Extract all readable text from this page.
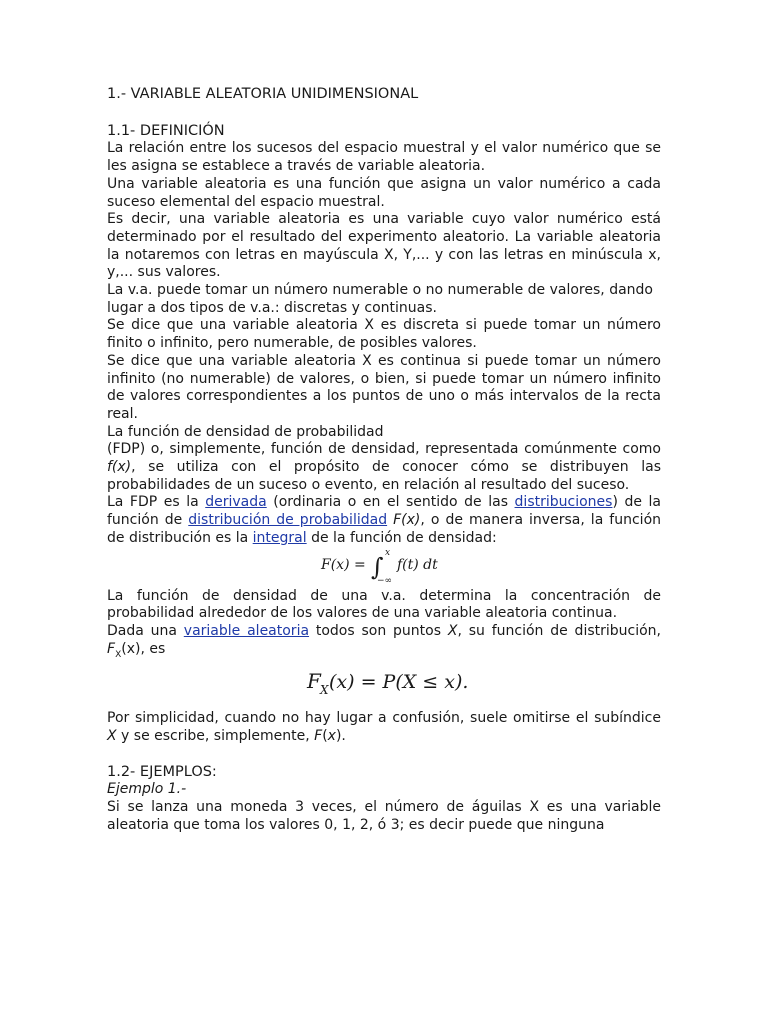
1.- VARIABLE ALEATORIA UNIDIMENSIONAL
1.1- DEFINICIÓN

La relación entre los sucesos del espacio muestral y el valor numérico que se les asigna se establece a través de variable aleatoria.

Una variable aleatoria es una función que asigna un valor numérico a cada suceso elemental del espacio muestral.

Es decir, una variable aleatoria es una variable cuyo valor numérico está determinado por el resultado del experimento aleatorio. La variable aleatoria la notaremos con letras en mayúscula X, Y,... y con las letras en minúscula x, y,... sus valores.

La v.a. puede tomar un número numerable o no numerable de valores, dando lugar a dos tipos de v.a.: discretas y continuas.

Se dice que una variable aleatoria X es discreta si puede tomar un número finito o infinito, pero numerable, de posibles valores.

Se dice que una variable aleatoria X es continua si puede tomar un número infinito (no numerable) de valores, o bien, si puede tomar un número infinito de valores correspondientes a los puntos de uno o más intervalos de la recta real.

La función de densidad de probabilidad

(FDP) o, simplemente, función de densidad, representada comúnmente como f(x), se utiliza con el propósito de conocer cómo se distribuyen las probabilidades de un suceso o evento, en relación al resultado del suceso.

La FDP es la derivada (ordinaria o en el sentido de las distribuciones) de la función de distribución de probabilidad F(x), o de manera inversa, la función de distribución es la integral de la función de densidad:

F(x) = ∫ x
−∞
f(t) dt

La función de densidad de una v.a. determina la concentración de probabilidad alrededor de los valores de una variable aleatoria continua.

Dada una variable aleatoria todos son puntos X, su función de distribución, $F_X(x)$, es

F X (x) = P(X ≤ x).

Por simplicidad, cuando no hay lugar a confusión, suele omitirse el subíndice X y se escribe, simplemente, F(x).

1.2- EJEMPLOS:

Ejemplo 1.-

Si se lanza una moneda 3 veces, el número de águilas X es una variable aleatoria que toma los valores 0, 1, 2, ó 3; es decir puede que ninguna
